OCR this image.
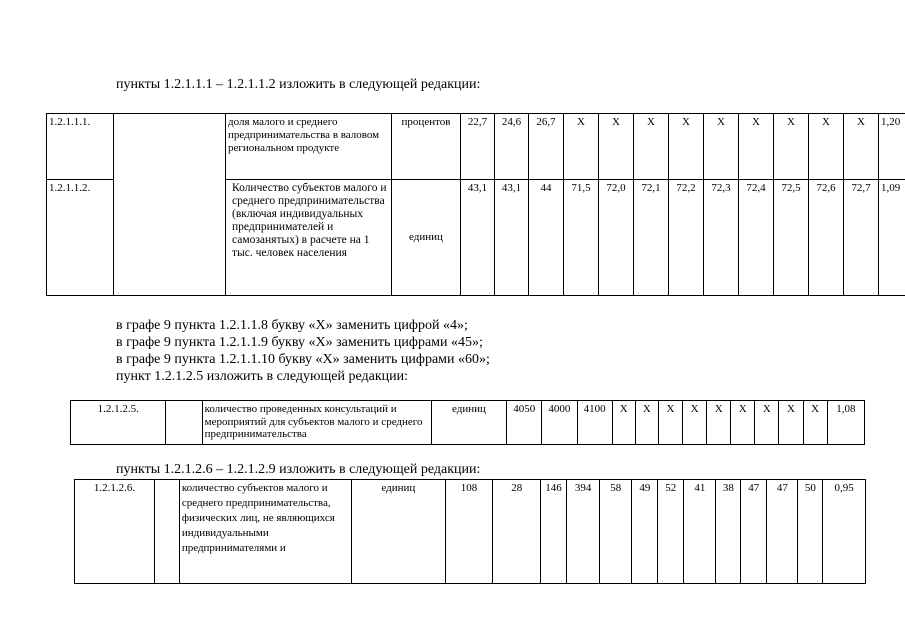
пункты 1.2.1.1.1 – 1.2.1.1.2 изложить в следующей редакции:
1.2.1.1.1.		доля малого и среднего предпринимательства в валовом региональном продукте	процентов	22,7	24,6	26,7	X	X	X	X	X	X	X	X	X	1,20
1.2.1.1.2.		Количество субъектов малого и среднего предпринимательства (включая индивидуальных предпринимателей и самозанятых) в расчете на 1 тыс. человек населения	единиц	43,1	43,1	44	71,5	72,0	72,1	72,2	72,3	72,4	72,5	72,6	72,7	1,09
в графе 9 пункта 1.2.1.1.8 букву «Х» заменить цифрой «4»;
в графе 9 пункта 1.2.1.1.9 букву «Х» заменить цифрами «45»;
в графе 9 пункта 1.2.1.1.10 букву «Х» заменить цифрами «60»;
пункт 1.2.1.2.5 изложить в следующей редакции:
1.2.1.2.5.		количество проведенных консультаций и мероприятий для субъектов малого и среднего предпринимательства	единиц	4050	4000	4100	X	X	X	X	X	X	X	X	X	1,08
пункты 1.2.1.2.6 – 1.2.1.2.9 изложить в следующей редакции:
1.2.1.2.6.		количество субъектов малого и среднего предпринимательства, физических лиц, не являющихся индивидуальными предпринимателями и	единиц	108	28	146	394	58	49	52	41	38	47	47	50	0,95
